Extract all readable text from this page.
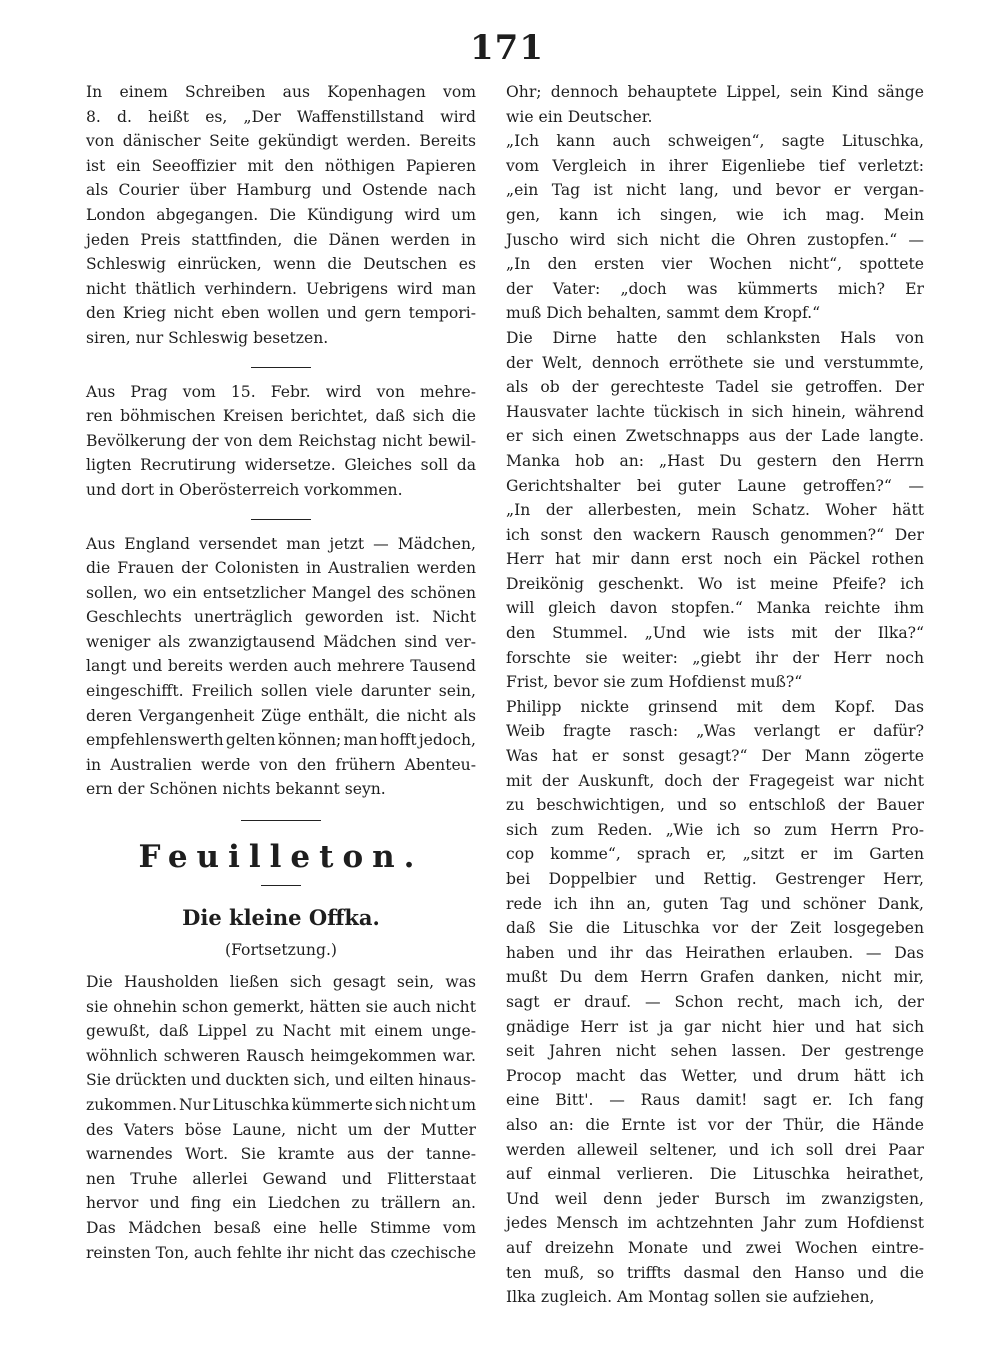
171

In einem Schreiben aus Kopenhagen vom
8. d. heißt es, „Der Waffenstillstand wird
von dänischer Seite gekündigt werden. Bereits
ist ein Seeoffizier mit den nöthigen Papieren
als Courier über Hamburg und Ostende nach
London abgegangen. Die Kündigung wird um
jeden Preis stattfinden, die Dänen werden in
Schleswig einrücken, wenn die Deutschen es
nicht thätlich verhindern. Uebrigens wird man
den Krieg nicht eben wollen und gern tempori-
siren, nur Schleswig besetzen.

Aus Prag vom 15. Febr. wird von mehre-
ren böhmischen Kreisen berichtet, daß sich die
Bevölkerung der von dem Reichstag nicht bewil-
ligten Recrutirung widersetze. Gleiches soll da
und dort in Oberösterreich vorkommen.

Aus England versendet man jetzt — Mädchen,
die Frauen der Colonisten in Australien werden
sollen, wo ein entsetzlicher Mangel des schönen
Geschlechts unerträglich geworden ist. Nicht
weniger als zwanzigtausend Mädchen sind ver-
langt und bereits werden auch mehrere Tausend
eingeschifft. Freilich sollen viele darunter sein,
deren Vergangenheit Züge enthält, die nicht als
empfehlenswerth gelten können; man hofft jedoch,
in Australien werde von den frühern Abenteu-
ern der Schönen nichts bekannt seyn.

Feuilleton.
Die kleine Offka.
(Fortsetzung.)

Die Hausholden ließen sich gesagt sein, was
sie ohnehin schon gemerkt, hätten sie auch nicht
gewußt, daß Lippel zu Nacht mit einem unge-
wöhnlich schweren Rausch heimgekommen war.
Sie drückten und duckten sich, und eilten hinaus-
zukommen. Nur Lituschka kümmerte sich nicht um
des Vaters böse Laune, nicht um der Mutter
warnendes Wort. Sie kramte aus der tanne-
nen Truhe allerlei Gewand und Flitterstaat
hervor und fing ein Liedchen zu trällern an.
Das Mädchen besaß eine helle Stimme vom
reinsten Ton, auch fehlte ihr nicht das czechische

Ohr; dennoch behauptete Lippel, sein Kind sänge
wie ein Deutscher.

„Ich kann auch schweigen“, sagte Lituschka,
vom Vergleich in ihrer Eigenliebe tief verletzt:
„ein Tag ist nicht lang, und bevor er vergan-
gen, kann ich singen, wie ich mag. Mein
Juscho wird sich nicht die Ohren zustopfen.“ —
„In den ersten vier Wochen nicht“, spottete
der Vater: „doch was kümmerts mich? Er
muß Dich behalten, sammt dem Kropf.“

Die Dirne hatte den schlanksten Hals von
der Welt, dennoch erröthete sie und verstummte,
als ob der gerechteste Tadel sie getroffen. Der
Hausvater lachte tückisch in sich hinein, während
er sich einen Zwetschnapps aus der Lade langte.
Manka hob an: „Hast Du gestern den Herrn
Gerichtshalter bei guter Laune getroffen?“ —
„In der allerbesten, mein Schatz. Woher hätt
ich sonst den wackern Rausch genommen?“ Der
Herr hat mir dann erst noch ein Päckel rothen
Dreikönig geschenkt. Wo ist meine Pfeife? ich
will gleich davon stopfen.“ Manka reichte ihm
den Stummel. „Und wie ists mit der Ilka?“
forschte sie weiter: „giebt ihr der Herr noch
Frist, bevor sie zum Hofdienst muß?“

Philipp nickte grinsend mit dem Kopf. Das
Weib fragte rasch: „Was verlangt er dafür?
Was hat er sonst gesagt?“ Der Mann zögerte
mit der Auskunft, doch der Fragegeist war nicht
zu beschwichtigen, und so entschloß der Bauer
sich zum Reden. „Wie ich so zum Herrn Pro-
cop komme“, sprach er, „sitzt er im Garten
bei Doppelbier und Rettig. Gestrenger Herr,
rede ich ihn an, guten Tag und schöner Dank,
daß Sie die Lituschka vor der Zeit losgegeben
haben und ihr das Heirathen erlauben. — Das
mußt Du dem Herrn Grafen danken, nicht mir,
sagt er drauf. — Schon recht, mach ich, der
gnädige Herr ist ja gar nicht hier und hat sich
seit Jahren nicht sehen lassen. Der gestrenge
Procop macht das Wetter, und drum hätt ich
eine Bitt'. — Raus damit! sagt er. Ich fang
also an: die Ernte ist vor der Thür, die Hände
werden alleweil seltener, und ich soll drei Paar
auf einmal verlieren. Die Lituschka heirathet,
Und weil denn jeder Bursch im zwanzigsten,
jedes Mensch im achtzehnten Jahr zum Hofdienst
auf dreizehn Monate und zwei Wochen eintre-
ten muß, so triffts dasmal den Hanso und die
Ilka zugleich. Am Montag sollen sie aufziehen,
